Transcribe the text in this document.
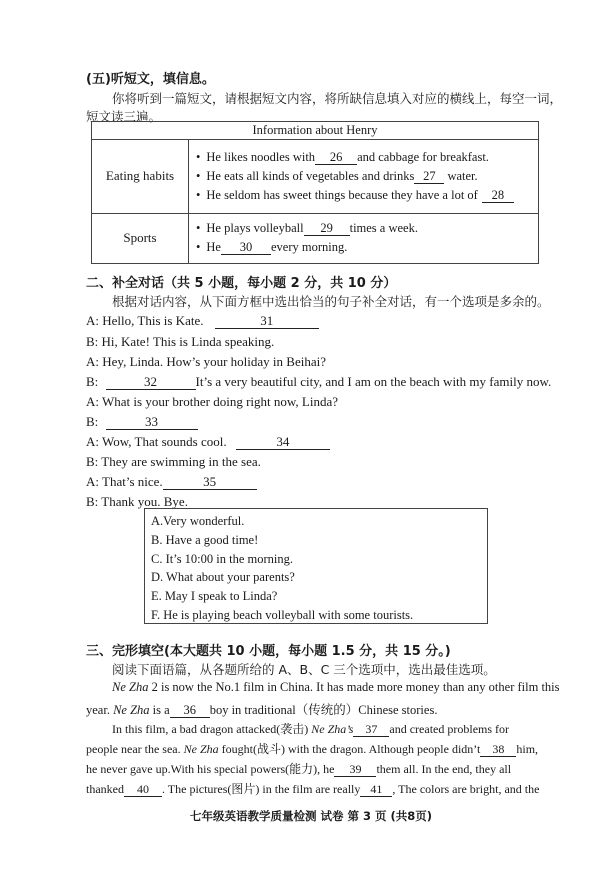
(五)听短文，填信息。
你将听到一篇短文，请根据短文内容，将所缺信息填入对应的横线上，每空一词，
短文读三遍。
Information about Henry
Eating habits
• He likes noodles with 26 and cabbage for breakfast.
• He eats all kinds of vegetables and drinks 27 water.
• He seldom has sweet things because they have a lot of 28
Sports
• He plays volleyball 29 times a week.
• He 30 every morning.
二、补全对话（共 5 小题，每小题 2 分，共 10 分）
根据对话内容，从下面方框中选出恰当的句子补全对话，有一个选项是多余的。
A: Hello, This is Kate.	31
B: Hi, Kate! This is Linda speaking.
A: Hey, Linda. How’s your holiday in Beihai?
B:	32	It’s a very beautiful city, and I am on the beach with my family now.
A: What is your brother doing right now, Linda?
B:	33
A: Wow, That sounds cool.	34
B: They are swimming in the sea.
A: That’s nice.	35
B: Thank you. Bye.
A.Very wonderful.
B. Have a good time!
C. It’s 10:00 in the morning.
D. What about your parents?
E. May I speak to Linda?
F. He is playing beach volleyball with some tourists.
三、完形填空(本大题共 10 小题，每小题 1.5 分，共 15 分。)
阅读下面语篇，从各题所给的 A、B、C 三个选项中，选出最佳选项。
Ne Zha 2 is now the No.1 film in China. It has made more money than any other film this
year. Ne Zha is a 36 boy in traditional（传统的）Chinese stories.
In this film, a bad dragon attacked(袭击) Ne Zha’s 37 and created problems for
people near the sea. Ne Zha fought(战斗) with the dragon. Although people didn’t 38 him,
he never gave up.With his special powers(能力), he 39 them all. In the end, they all
thanked 40 . The pictures(图片) in the film are really 41 , The colors are bright, and the
七年级英语教学质量检测 试卷 第 3 页 (共8页)
